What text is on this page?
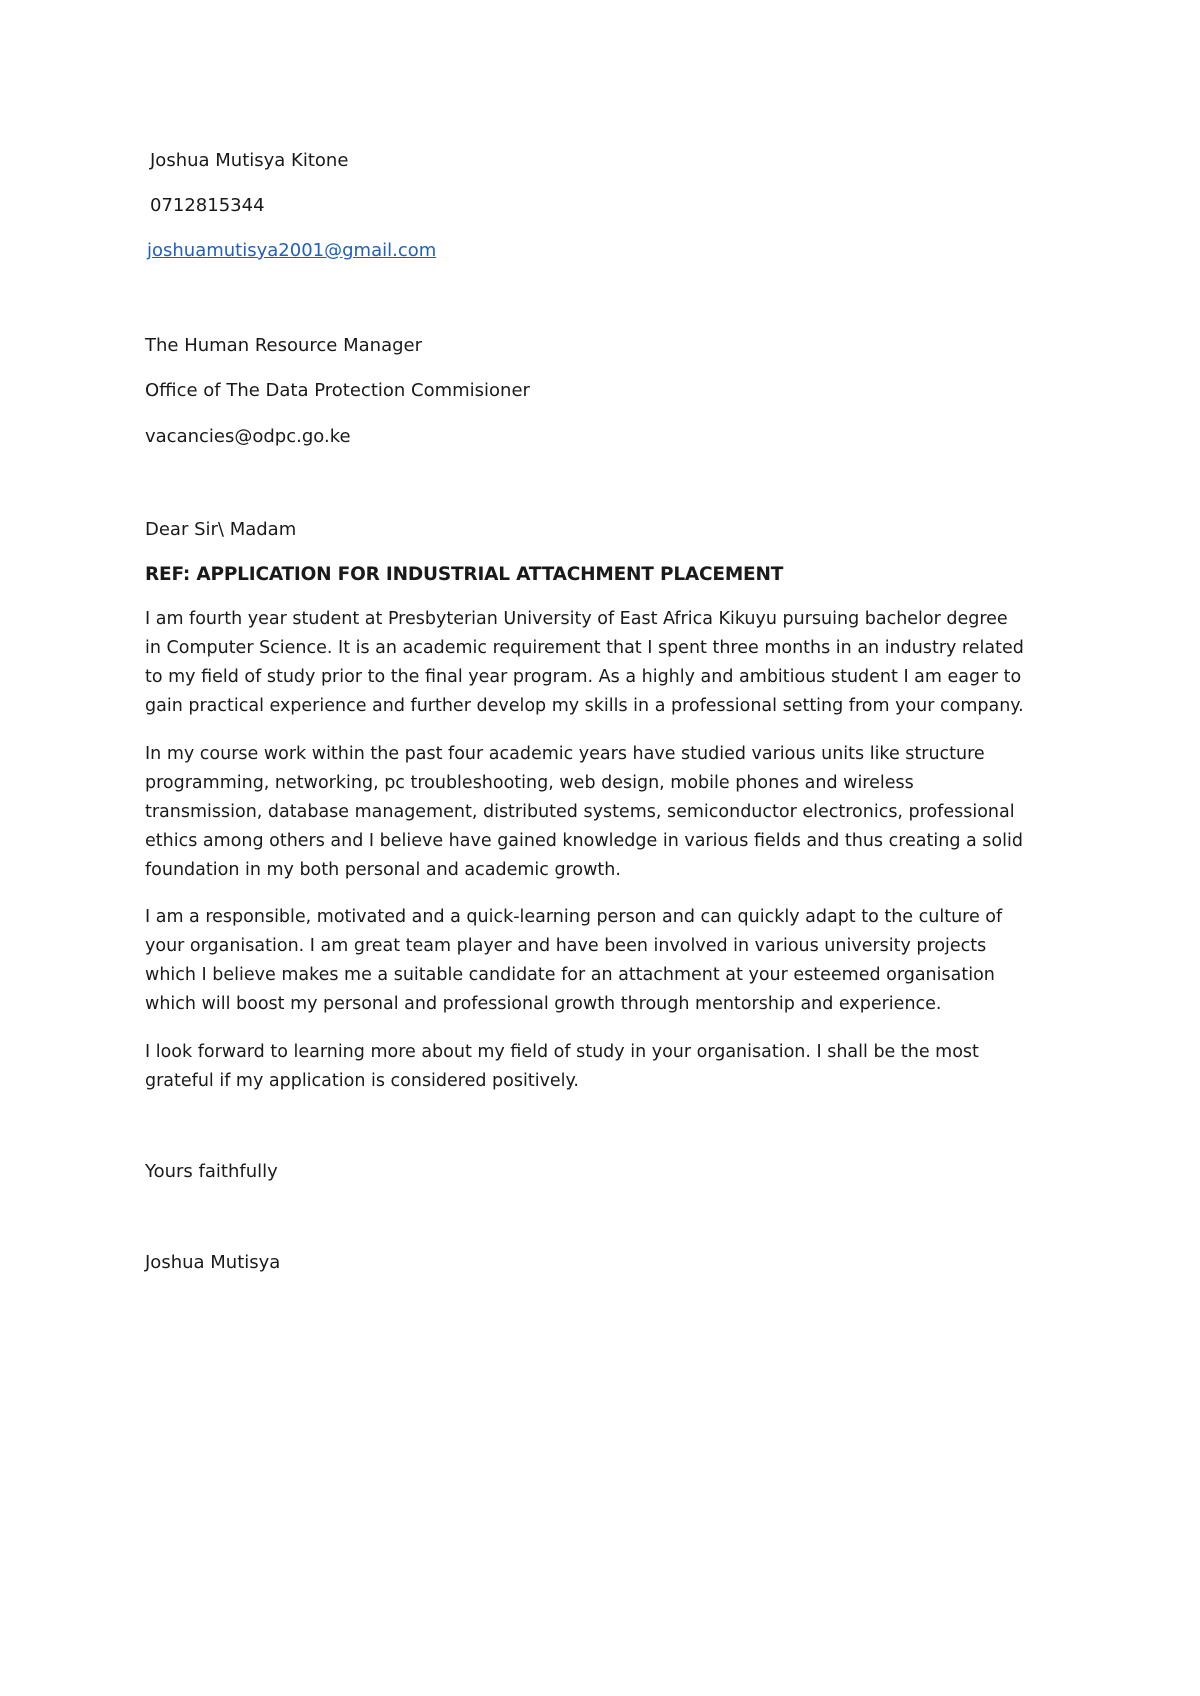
Joshua Mutisya Kitone

0712815344

joshuamutisya2001@gmail.com

The Human Resource Manager

Office of The Data Protection Commisioner

vacancies@odpc.go.ke

Dear Sir\ Madam

REF: APPLICATION FOR INDUSTRIAL ATTACHMENT PLACEMENT

I am fourth year student at Presbyterian University of East Africa Kikuyu pursuing bachelor degree
in Computer Science. It is an academic requirement that I spent three months in an industry related
to my field of study prior to the final year program. As a highly and ambitious student I am eager to
gain practical experience and further develop my skills in a professional setting from your company.
In my course work within the past four academic years have studied various units like structure
programming, networking, pc troubleshooting, web design, mobile phones and wireless
transmission, database management, distributed systems, semiconductor electronics, professional
ethics among others and I believe have gained knowledge in various fields and thus creating a solid
foundation in my both personal and academic growth.
I am a responsible, motivated and a quick-learning person and can quickly adapt to the culture of
your organisation. I am great team player and have been involved in various university projects
which I believe makes me a suitable candidate for an attachment at your esteemed organisation
which will boost my personal and professional growth through mentorship and experience.
I look forward to learning more about my field of study in your organisation. I shall be the most
grateful if my application is considered positively.

Yours faithfully

Joshua Mutisya
